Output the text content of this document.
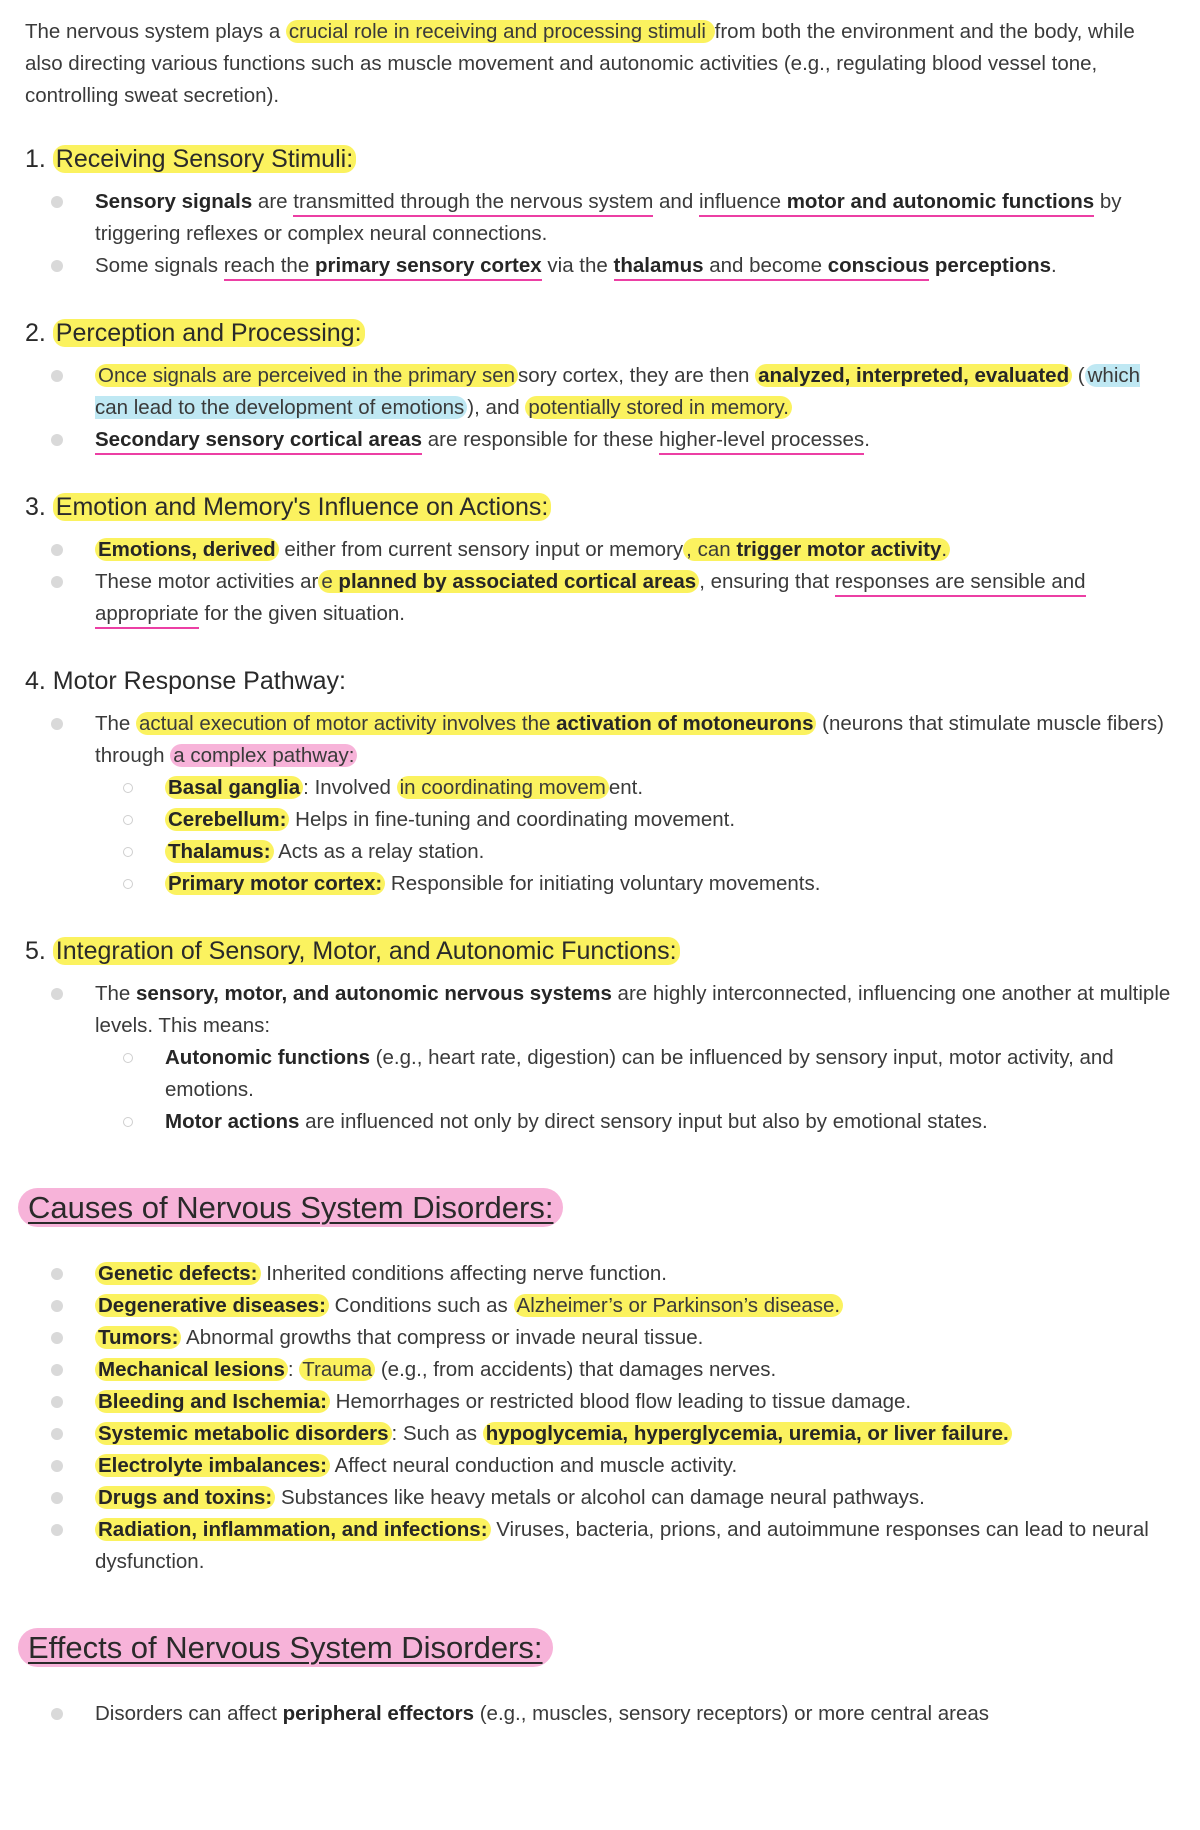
The nervous system plays a crucial role in receiving and processing stimuli from both the environment and the body, while also directing various functions such as muscle movement and autonomic activities (e.g., regulating blood vessel tone, controlling sweat secretion).

1. Receiving Sensory Stimuli:
Sensory signals are transmitted through the nervous system and influence motor and autonomic functions by triggering reflexes or complex neural connections.
Some signals reach the primary sensory cortex via the thalamus and become conscious perceptions.
2. Perception and Processing:
Once signals are perceived in the primary sen sory cortex, they are then analyzed, interpreted, evaluated ( which can lead to the development of emotions ), and potentially stored in memory.
Secondary sensory cortical areas are responsible for these higher-level processes.
3. Emotion and Memory's Influence on Actions:
Emotions, derived either from current sensory input or memory , can trigger motor activity.
These motor activities ar e planned by associated cortical areas , ensuring that responses are sensible and appropriate for the given situation.
4. Motor Response Pathway:
The actual execution of motor activity involves the activation of motoneurons (neurons that stimulate muscle fibers) through a complex pathway:
Basal ganglia : Involved in coordinating movem ent.
Cerebellum: Helps in fine-tuning and coordinating movement.
Thalamus: Acts as a relay station.
Primary motor cortex: Responsible for initiating voluntary movements.
5. Integration of Sensory, Motor, and Autonomic Functions:
The sensory, motor, and autonomic nervous systems are highly interconnected, influencing one another at multiple levels. This means:
Autonomic functions (e.g., heart rate, digestion) can be influenced by sensory input, motor activity, and emotions.
Motor actions are influenced not only by direct sensory input but also by emotional states.
Causes of Nervous System Disorders:
Genetic defects: Inherited conditions affecting nerve function.
Degenerative diseases: Conditions such as Alzheimer’s or Parkinson’s disease.
Tumors: Abnormal growths that compress or invade neural tissue.
Mechanical lesions : Trauma (e.g., from accidents) that damages nerves.
Bleeding and Ischemia: Hemorrhages or restricted blood flow leading to tissue damage.
Systemic metabolic disorders : Such as hypoglycemia, hyperglycemia, uremia, or liver failure.
Electrolyte imbalances: Affect neural conduction and muscle activity.
Drugs and toxins: Substances like heavy metals or alcohol can damage neural pathways.
Radiation, inflammation, and infections: Viruses, bacteria, prions, and autoimmune responses can lead to neural dysfunction.
Effects of Nervous System Disorders:
Disorders can affect peripheral effectors (e.g., muscles, sensory receptors) or more central areas
